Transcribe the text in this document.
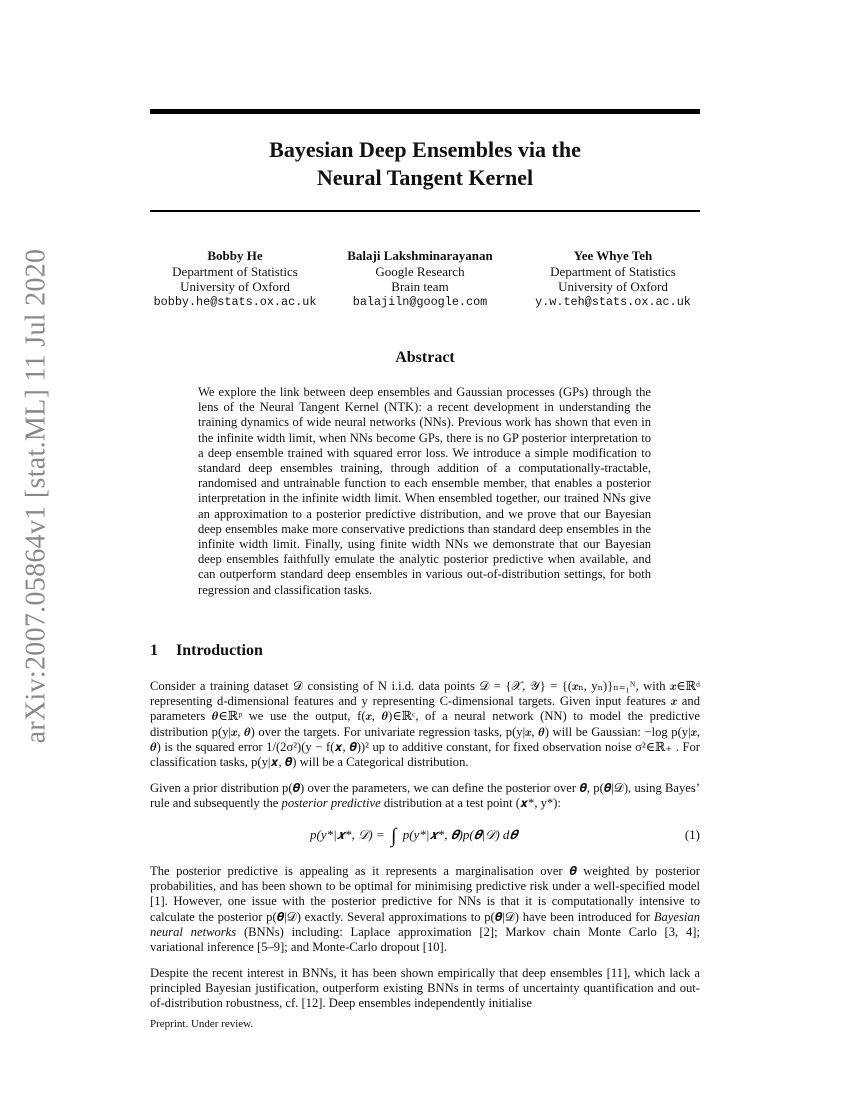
arXiv:2007.05864v1 [stat.ML] 11 Jul 2020
Bayesian Deep Ensembles via the
Neural Tangent Kernel
Bobby He
Department of Statistics
University of Oxford
bobby.he@stats.ox.ac.uk
Balaji Lakshminarayanan
Google Research
Brain team
balajiln@google.com
Yee Whye Teh
Department of Statistics
University of Oxford
y.w.teh@stats.ox.ac.uk
Abstract
We explore the link between deep ensembles and Gaussian processes (GPs) through the lens of the Neural Tangent Kernel (NTK): a recent development in understanding the training dynamics of wide neural networks (NNs). Previous work has shown that even in the infinite width limit, when NNs become GPs, there is no GP posterior interpretation to a deep ensemble trained with squared error loss. We introduce a simple modification to standard deep ensembles training, through addition of a computationally-tractable, randomised and untrainable function to each ensemble member, that enables a posterior interpretation in the infinite width limit. When ensembled together, our trained NNs give an approximation to a posterior predictive distribution, and we prove that our Bayesian deep ensembles make more conservative predictions than standard deep ensembles in the infinite width limit. Finally, using finite width NNs we demonstrate that our Bayesian deep ensembles faithfully emulate the analytic posterior predictive when available, and can outperform standard deep ensembles in various out-of-distribution settings, for both regression and classification tasks.
1 Introduction
Consider a training dataset 𝒟 consisting of N i.i.d. data points 𝒟 = {𝒳, 𝒴} = {(𝒙ₙ, yₙ)}ₙ₌₁ᴺ, with 𝒙∈ℝᵈ representing d-dimensional features and y representing C-dimensional targets. Given input features 𝒙 and parameters 𝜽∈ℝᵖ we use the output, f(𝒙, 𝜽)∈ℝᶜ, of a neural network (NN) to model the predictive distribution p(y|𝒙, 𝜽) over the targets. For univariate regression tasks, p(y|𝒙, 𝜽) will be Gaussian: −log p(y|𝒙, 𝜽) is the squared error 1/(2σ²)(y − f(𝒙, 𝜽))² up to additive constant, for fixed observation noise σ²∈ℝ₊ . For classification tasks, p(y|𝒙, 𝜽) will be a Categorical distribution.
Given a prior distribution p(𝜽) over the parameters, we can define the posterior over 𝜽, p(𝜽|𝒟), using Bayes’ rule and subsequently the posterior predictive distribution at a test point (𝒙*, y*):
p(y*|𝒙*, 𝒟) = ∫ p(y*|𝒙*, 𝜽)p(𝜽|𝒟) d𝜽	(1)
The posterior predictive is appealing as it represents a marginalisation over 𝜽 weighted by posterior probabilities, and has been shown to be optimal for minimising predictive risk under a well-specified model [1]. However, one issue with the posterior predictive for NNs is that it is computationally intensive to calculate the posterior p(𝜽|𝒟) exactly. Several approximations to p(𝜽|𝒟) have been introduced for Bayesian neural networks (BNNs) including: Laplace approximation [2]; Markov chain Monte Carlo [3, 4]; variational inference [5–9]; and Monte-Carlo dropout [10].
Despite the recent interest in BNNs, it has been shown empirically that deep ensembles [11], which lack a principled Bayesian justification, outperform existing BNNs in terms of uncertainty quantification and out-of-distribution robustness, cf. [12]. Deep ensembles independently initialise
Preprint. Under review.
